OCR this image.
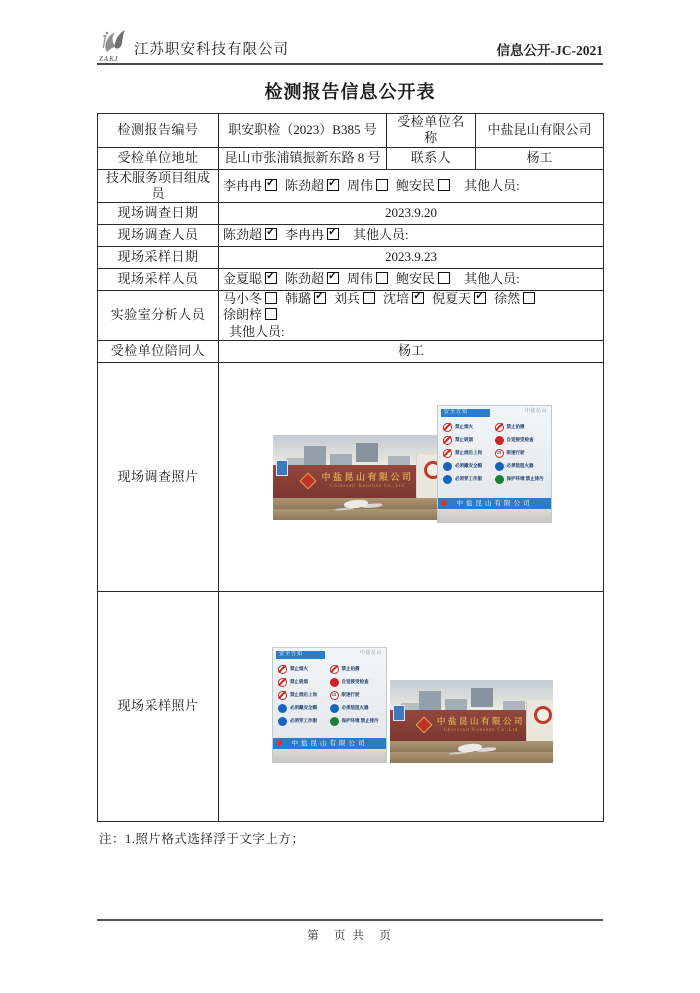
ZAKJ
江苏职安科技有限公司	信息公开-JC-2021
检测报告信息公开表
检测报告编号	职安职检（2023）B385 号	受检单位名称	中盐昆山有限公司
受检单位地址	昆山市张浦镇振新东路 8 号	联系人	杨工
技术服务项目组成员	李冉冉 ✓ 陈劲超 ✓ 周伟 鲍安民 其他人员:
现场调查日期	2023.9.20		
现场调查人员	陈劲超 ✓ 李冉冉 ✓ 其他人员:
现场采样日期	2023.9.23		
现场采样人员	金夏聪 ✓ 陈劲超 ✓ 周伟 鲍安民 其他人员:
实验室分析人员	马小冬 韩璐 ✓ 刘兵 沈培 ✓ 倪夏天✓ 徐然徐朗梓
其他人员:
受检单位陪同人	杨工		
现场调查照片	中盐昆山有限公司
Chinasalt Kunshan Co.,Ltd
安全告知	中盐昆山
禁止烟火	禁止拍摄
禁止吸烟	自觉接受检查
禁止酒后上岗	15	限速行驶
必须戴安全帽	必须装阻火器
必须穿工作服	保护环境 禁止排污
中盐昆山有限公司

现场采样照片	
安全告知	中盐昆山
禁止烟火	禁止拍摄
禁止吸烟	自觉接受检查
禁止酒后上岗	15	限速行驶
必须戴安全帽	必须装阻火器
必须穿工作服	保护环境 禁止排污
中盐昆山有限公司
中盐昆山有限公司
Chinasalt Kunshan Co.,Ltd
注：1.照片格式选择浮于文字上方；
第　页 共　页
